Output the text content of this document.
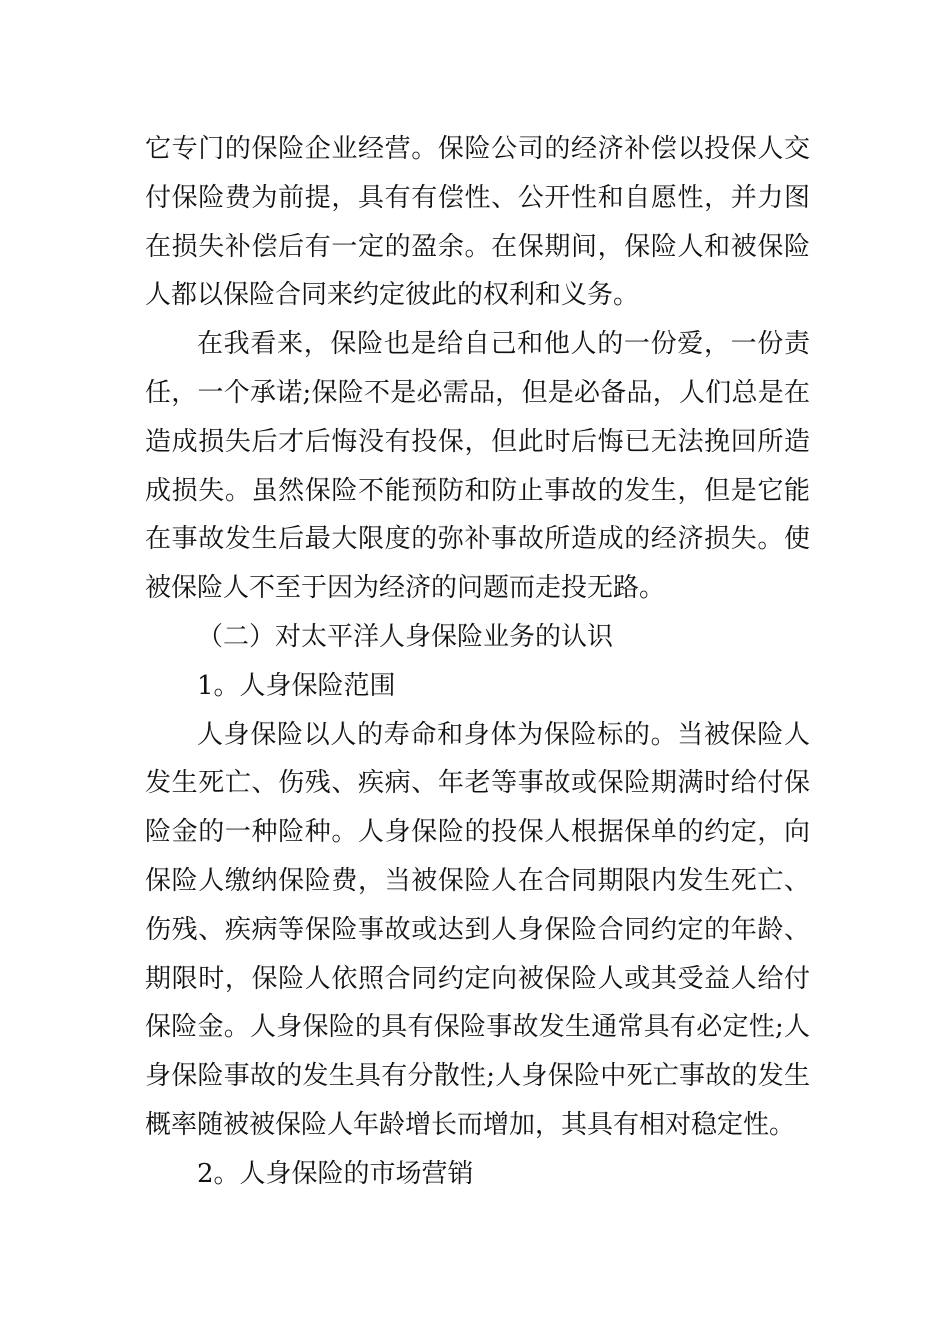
它专门的保险企业经营。保险公司的经济补偿以投保人交
付保险费为前提，具有有偿性、公开性和自愿性，并力图
在损失补偿后有一定的盈余。在保期间，保险人和被保险
人都以保险合同来约定彼此的权利和义务。
在我看来，保险也是给自己和他人的一份爱，一份责
任，一个承诺;保险不是必需品，但是必备品，人们总是在
造成损失后才后悔没有投保，但此时后悔已无法挽回所造
成损失。虽然保险不能预防和防止事故的发生，但是它能
在事故发生后最大限度的弥补事故所造成的经济损失。使
被保险人不至于因为经济的问题而走投无路。
（二）对太平洋人身保险业务的认识
1。人身保险范围
人身保险以人的寿命和身体为保险标的。当被保险人
发生死亡、伤残、疾病、年老等事故或保险期满时给付保
险金的一种险种。人身保险的投保人根据保单的约定，向
保险人缴纳保险费，当被保险人在合同期限内发生死亡、
伤残、疾病等保险事故或达到人身保险合同约定的年龄、
期限时，保险人依照合同约定向被保险人或其受益人给付
保险金。人身保险的具有保险事故发生通常具有必定性;人
身保险事故的发生具有分散性;人身保险中死亡事故的发生
概率随被被保险人年龄增长而增加，其具有相对稳定性。
2。人身保险的市场营销
